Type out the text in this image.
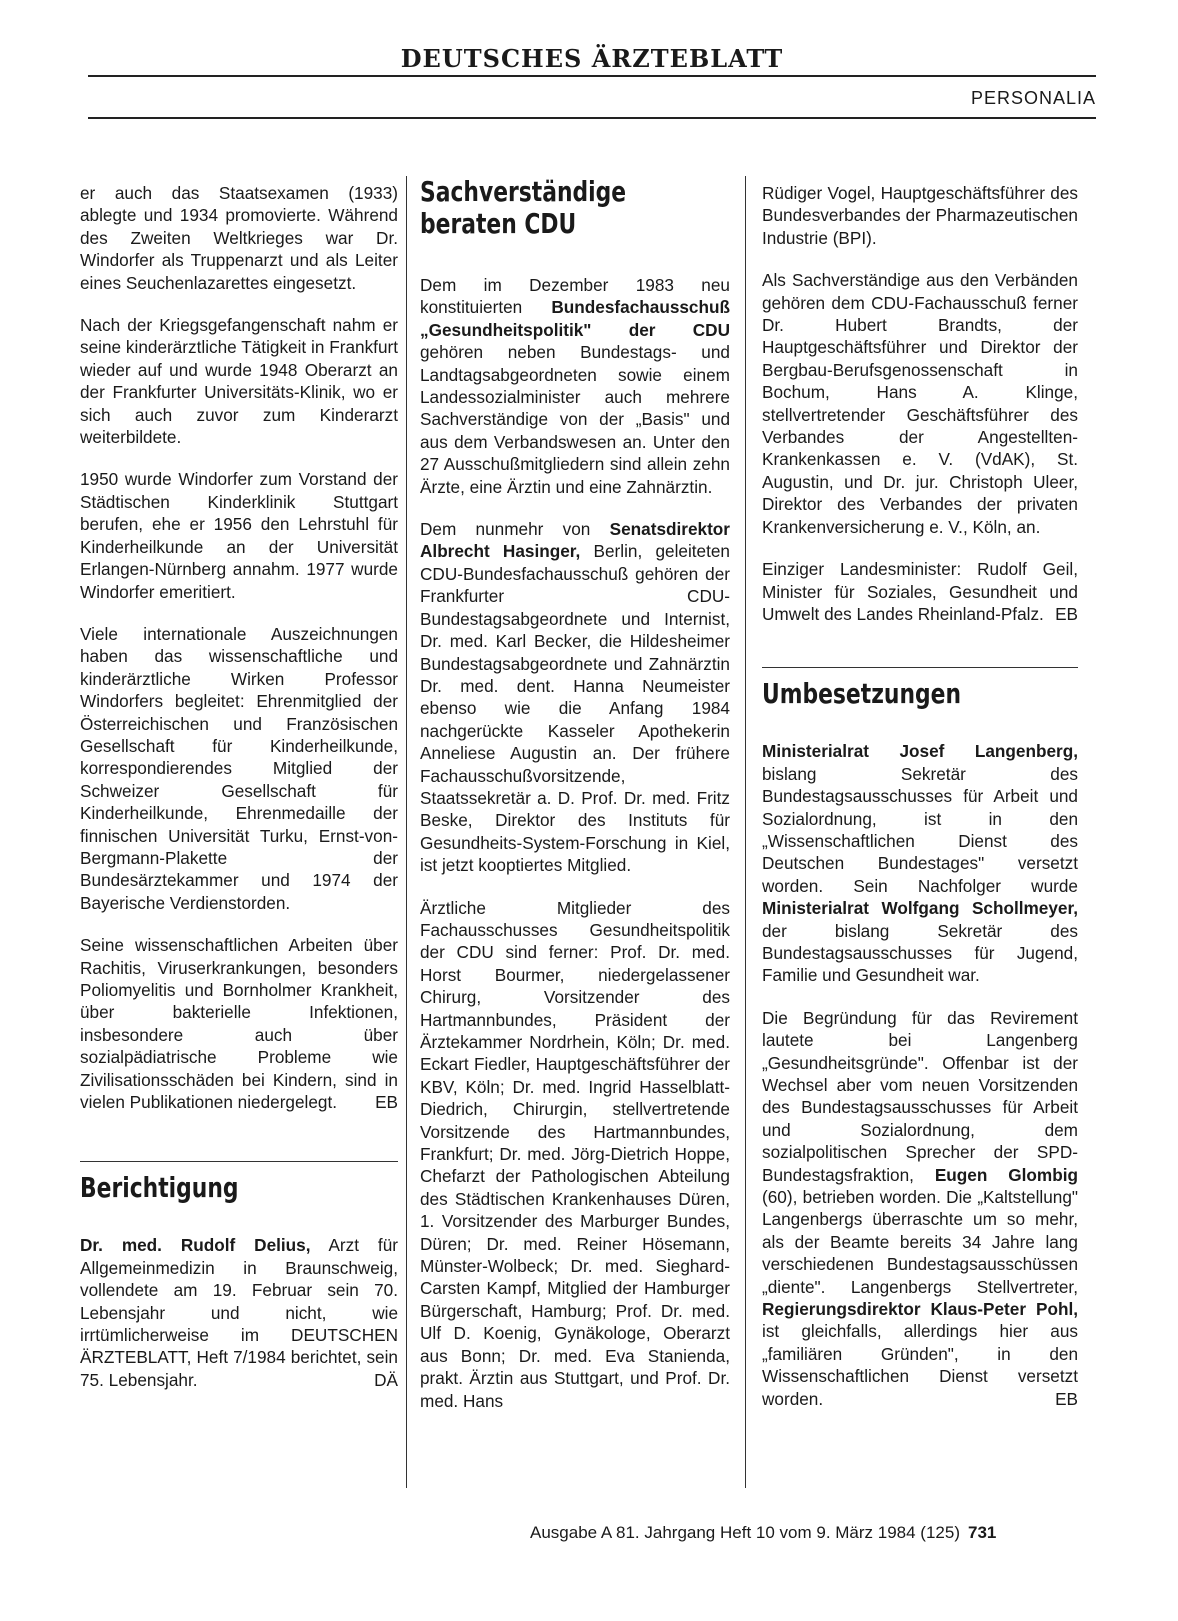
DEUTSCHES ÄRZTEBLATT
PERSONALIA

er auch das Staatsexamen (1933) ablegte und 1934 promovierte. Während des Zweiten Weltkrieges war Dr. Windorfer als Truppenarzt und als Leiter eines Seuchenlazarettes eingesetzt.

Nach der Kriegsgefangenschaft nahm er seine kinderärztliche Tätigkeit in Frankfurt wieder auf und wurde 1948 Oberarzt an der Frankfurter Universitäts-Klinik, wo er sich auch zuvor zum Kinderarzt weiterbildete.

1950 wurde Windorfer zum Vorstand der Städtischen Kinderklinik Stuttgart berufen, ehe er 1956 den Lehrstuhl für Kinderheilkunde an der Universität Erlangen-Nürnberg annahm. 1977 wurde Windorfer emeritiert.

Viele internationale Auszeichnungen haben das wissenschaftliche und kinderärztliche Wirken Professor Windorfers begleitet: Ehrenmitglied der Österreichischen und Französischen Gesellschaft für Kinderheilkunde, korrespondierendes Mitglied der Schweizer Gesellschaft für Kinderheilkunde, Ehrenmedaille der finnischen Universität Turku, Ernst-von-Bergmann-Plakette der Bundesärztekammer und 1974 der Bayerische Verdienstorden.

Seine wissenschaftlichen Arbeiten über Rachitis, Viruserkrankungen, besonders Poliomyelitis und Bornholmer Krankheit, über bakterielle Infektionen, insbesondere auch über sozialpädiatrische Probleme wie Zivilisationsschäden bei Kindern, sind in vielen Publikationen niedergelegt. EB

Berichtigung

Dr. med. Rudolf Delius, Arzt für Allgemeinmedizin in Braunschweig, vollendete am 19. Februar sein 70. Lebensjahr und nicht, wie irrtümlicherweise im DEUTSCHEN ÄRZTEBLATT, Heft 7/1984 berichtet, sein 75. Lebensjahr.	DÄ

Sachverständige beraten CDU

Dem im Dezember 1983 neu konstituierten Bundesfachausschuß „Gesundheitspolitik" der CDU gehören neben Bundestags- und Landtagsabgeordneten sowie einem Landessozialminister auch mehrere Sachverständige von der „Basis" und aus dem Verbandswesen an. Unter den 27 Ausschußmitgliedern sind allein zehn Ärzte, eine Ärztin und eine Zahnärztin.

Dem nunmehr von Senatsdirektor Albrecht Hasinger, Berlin, geleiteten CDU-Bundesfachausschuß gehören der Frankfurter CDU-Bundestagsabgeordnete und Internist, Dr. med. Karl Becker, die Hildesheimer Bundestagsabgeordnete und Zahnärztin Dr. med. dent. Hanna Neumeister ebenso wie die Anfang 1984 nachgerückte Kasseler Apothekerin Anneliese Augustin an. Der frühere Fachausschußvorsitzende, Staatssekretär a. D. Prof. Dr. med. Fritz Beske, Direktor des Instituts für Gesundheits-System-Forschung in Kiel, ist jetzt kooptiertes Mitglied.

Ärztliche Mitglieder des Fachausschusses Gesundheitspolitik der CDU sind ferner: Prof. Dr. med. Horst Bourmer, niedergelassener Chirurg, Vorsitzender des Hartmannbundes, Präsident der Ärztekammer Nordrhein, Köln; Dr. med. Eckart Fiedler, Hauptgeschäftsführer der KBV, Köln; Dr. med. Ingrid Hasselblatt-Diedrich, Chirurgin, stellvertretende Vorsitzende des Hartmannbundes, Frankfurt; Dr. med. Jörg-Dietrich Hoppe, Chefarzt der Pathologischen Abteilung des Städtischen Krankenhauses Düren, 1. Vorsitzender des Marburger Bundes, Düren; Dr. med. Reiner Hösemann, Münster-Wolbeck; Dr. med. Sieghard-Carsten Kampf, Mitglied der Hamburger Bürgerschaft, Hamburg; Prof. Dr. med. Ulf D. Koenig, Gynäkologe, Oberarzt aus Bonn; Dr. med. Eva Stanienda, prakt. Ärztin aus Stuttgart, und Prof. Dr. med. Hans

Rüdiger Vogel, Hauptgeschäftsführer des Bundesverbandes der Pharmazeutischen Industrie (BPI).

Als Sachverständige aus den Verbänden gehören dem CDU-Fachausschuß ferner Dr. Hubert Brandts, der Hauptgeschäftsführer und Direktor der Bergbau-Berufsgenossenschaft in Bochum, Hans A. Klinge, stellvertretender Geschäftsführer des Verbandes der Angestellten-Krankenkassen e. V. (VdAK), St. Augustin, und Dr. jur. Christoph Uleer, Direktor des Verbandes der privaten Krankenversicherung e. V., Köln, an.

Einziger Landesminister: Rudolf Geil, Minister für Soziales, Gesundheit und Umwelt des Landes Rheinland-Pfalz. EB

Umbesetzungen

Ministerialrat Josef Langenberg, bislang Sekretär des Bundestagsausschusses für Arbeit und Sozialordnung, ist in den „Wissenschaftlichen Dienst des Deutschen Bundestages" versetzt worden. Sein Nachfolger wurde Ministerialrat Wolfgang Schollmeyer, der bislang Sekretär des Bundestagsausschusses für Jugend, Familie und Gesundheit war.

Die Begründung für das Revirement lautete bei Langenberg „Gesundheitsgründe". Offenbar ist der Wechsel aber vom neuen Vorsitzenden des Bundestagsausschusses für Arbeit und Sozialordnung, dem sozialpolitischen Sprecher der SPD-Bundestagsfraktion, Eugen Glombig (60), betrieben worden. Die „Kaltstellung" Langenbergs überraschte um so mehr, als der Beamte bereits 34 Jahre lang verschiedenen Bundestagsausschüssen „diente". Langenbergs Stellvertreter, Regierungsdirektor Klaus-Peter Pohl, ist gleichfalls, allerdings hier aus „familiären Gründen", in den Wissenschaftlichen Dienst versetzt worden.	EB

Ausgabe A 81. Jahrgang Heft 10 vom 9. März 1984 (125) 731
